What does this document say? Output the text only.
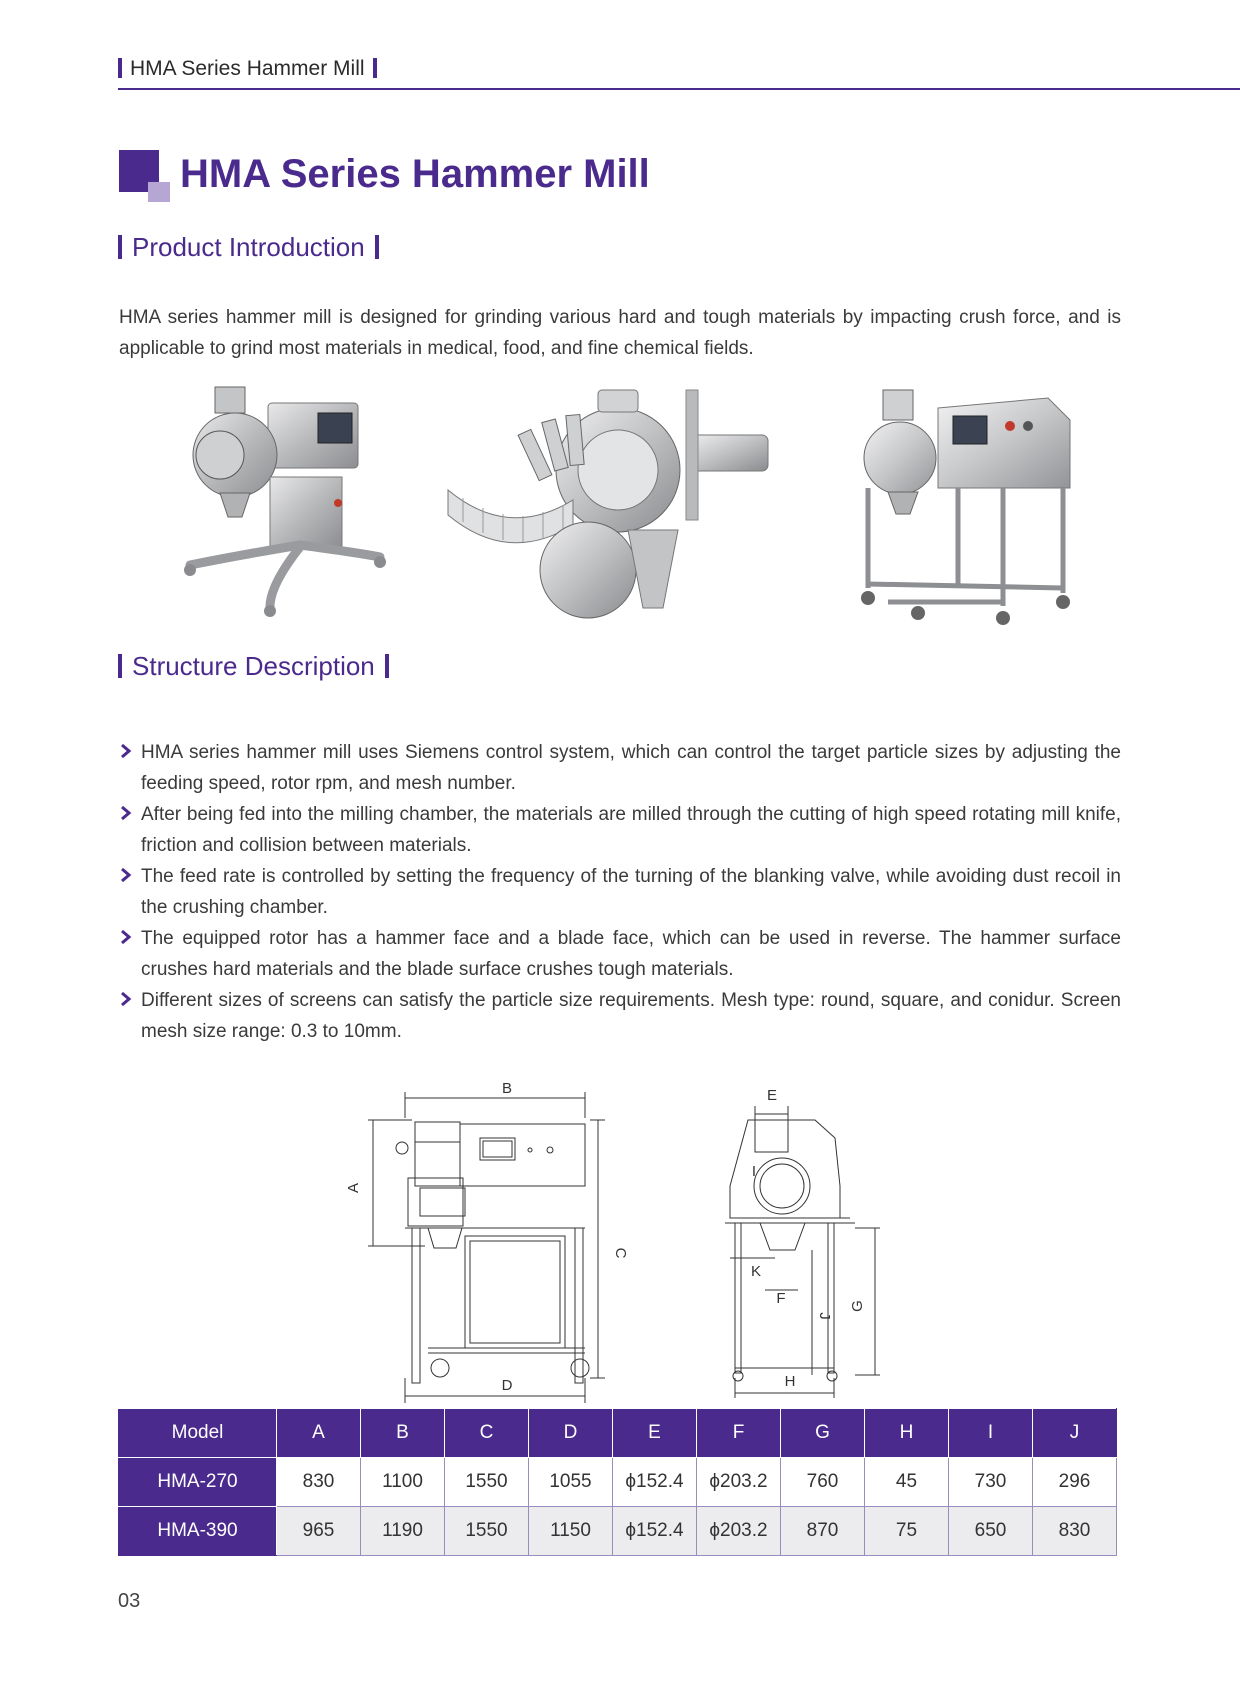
HMA Series Hammer Mill
HMA Series Hammer Mill
Product Introduction
HMA series hammer mill is designed for grinding various hard and tough materials by impacting crush force, and is applicable to grind most materials in medical, food, and fine chemical fields.
Structure Description
HMA series hammer mill uses Siemens control system, which can control the target particle sizes by adjusting the feeding speed, rotor rpm, and mesh number.
After being fed into the milling chamber, the materials are milled through the cutting of high speed rotating mill knife, friction and collision between materials.
The feed rate is controlled by setting the frequency of the turning of the blanking valve, while avoiding dust recoil in the crushing chamber.
The equipped rotor has a hammer face and a blade face, which can be used in reverse. The hammer surface crushes hard materials and the blade surface crushes tough materials.
Different sizes of screens can satisfy the particle size requirements. Mesh type: round, square, and conidur. Screen mesh size range: 0.3 to 10mm.
B
A
C
D
E
I
K
F
J
G
H
Model	A	B	C	D	E	F	G	H	I	J
HMA-270	830	1100	1550	1055	ϕ152.4	ϕ203.2	760	45	730	296
HMA-390	965	1190	1550	1150	ϕ152.4	ϕ203.2	870	75	650	830
03
